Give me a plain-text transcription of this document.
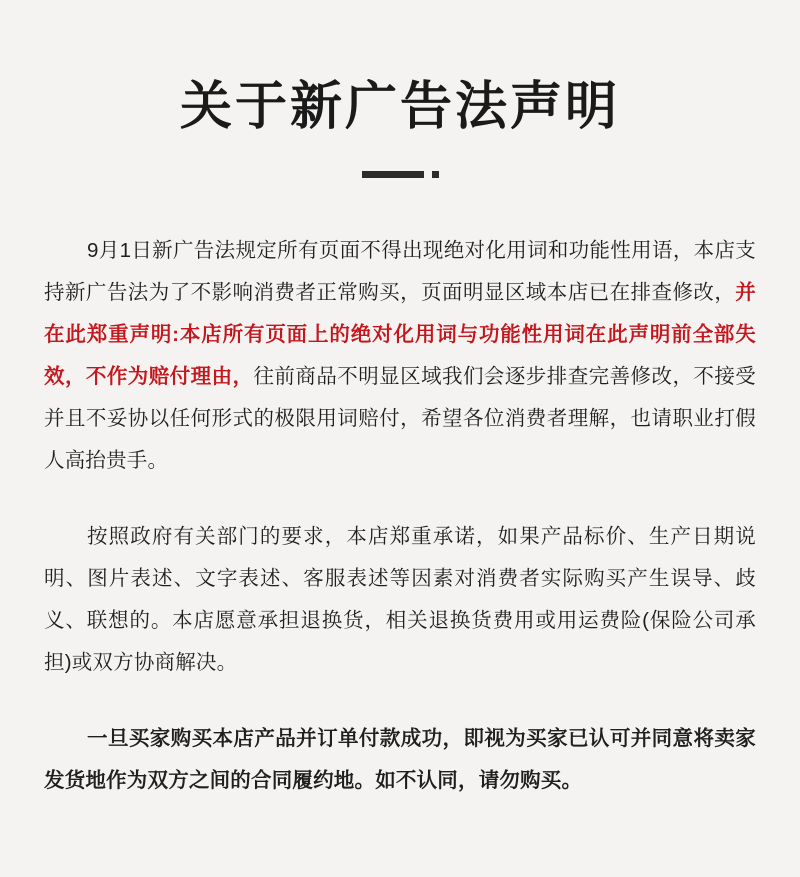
关于新广告法声明

9月1日新广告法规定所有页面不得出现绝对化用词和功能性用语，本店支持新广告法为了不影响消费者正常购买，页面明显区域本店已在排查修改，并在此郑重声明:本店所有页面上的绝对化用词与功能性用词在此声明前全部失效，不作为赔付理由，往前商品不明显区域我们会逐步排查完善修改，不接受并且不妥协以任何形式的极限用词赔付，希望各位消费者理解，也请职业打假人高抬贵手。

按照政府有关部门的要求，本店郑重承诺，如果产品标价、生产日期说明、图片表述、文字表述、客服表述等因素对消费者实际购买产生误导、歧义、联想的。本店愿意承担退换货，相关退换货费用或用运费险(保险公司承担)或双方协商解决。

一旦买家购买本店产品并订单付款成功，即视为买家已认可并同意将卖家发货地作为双方之间的合同履约地。如不认同，请勿购买。
